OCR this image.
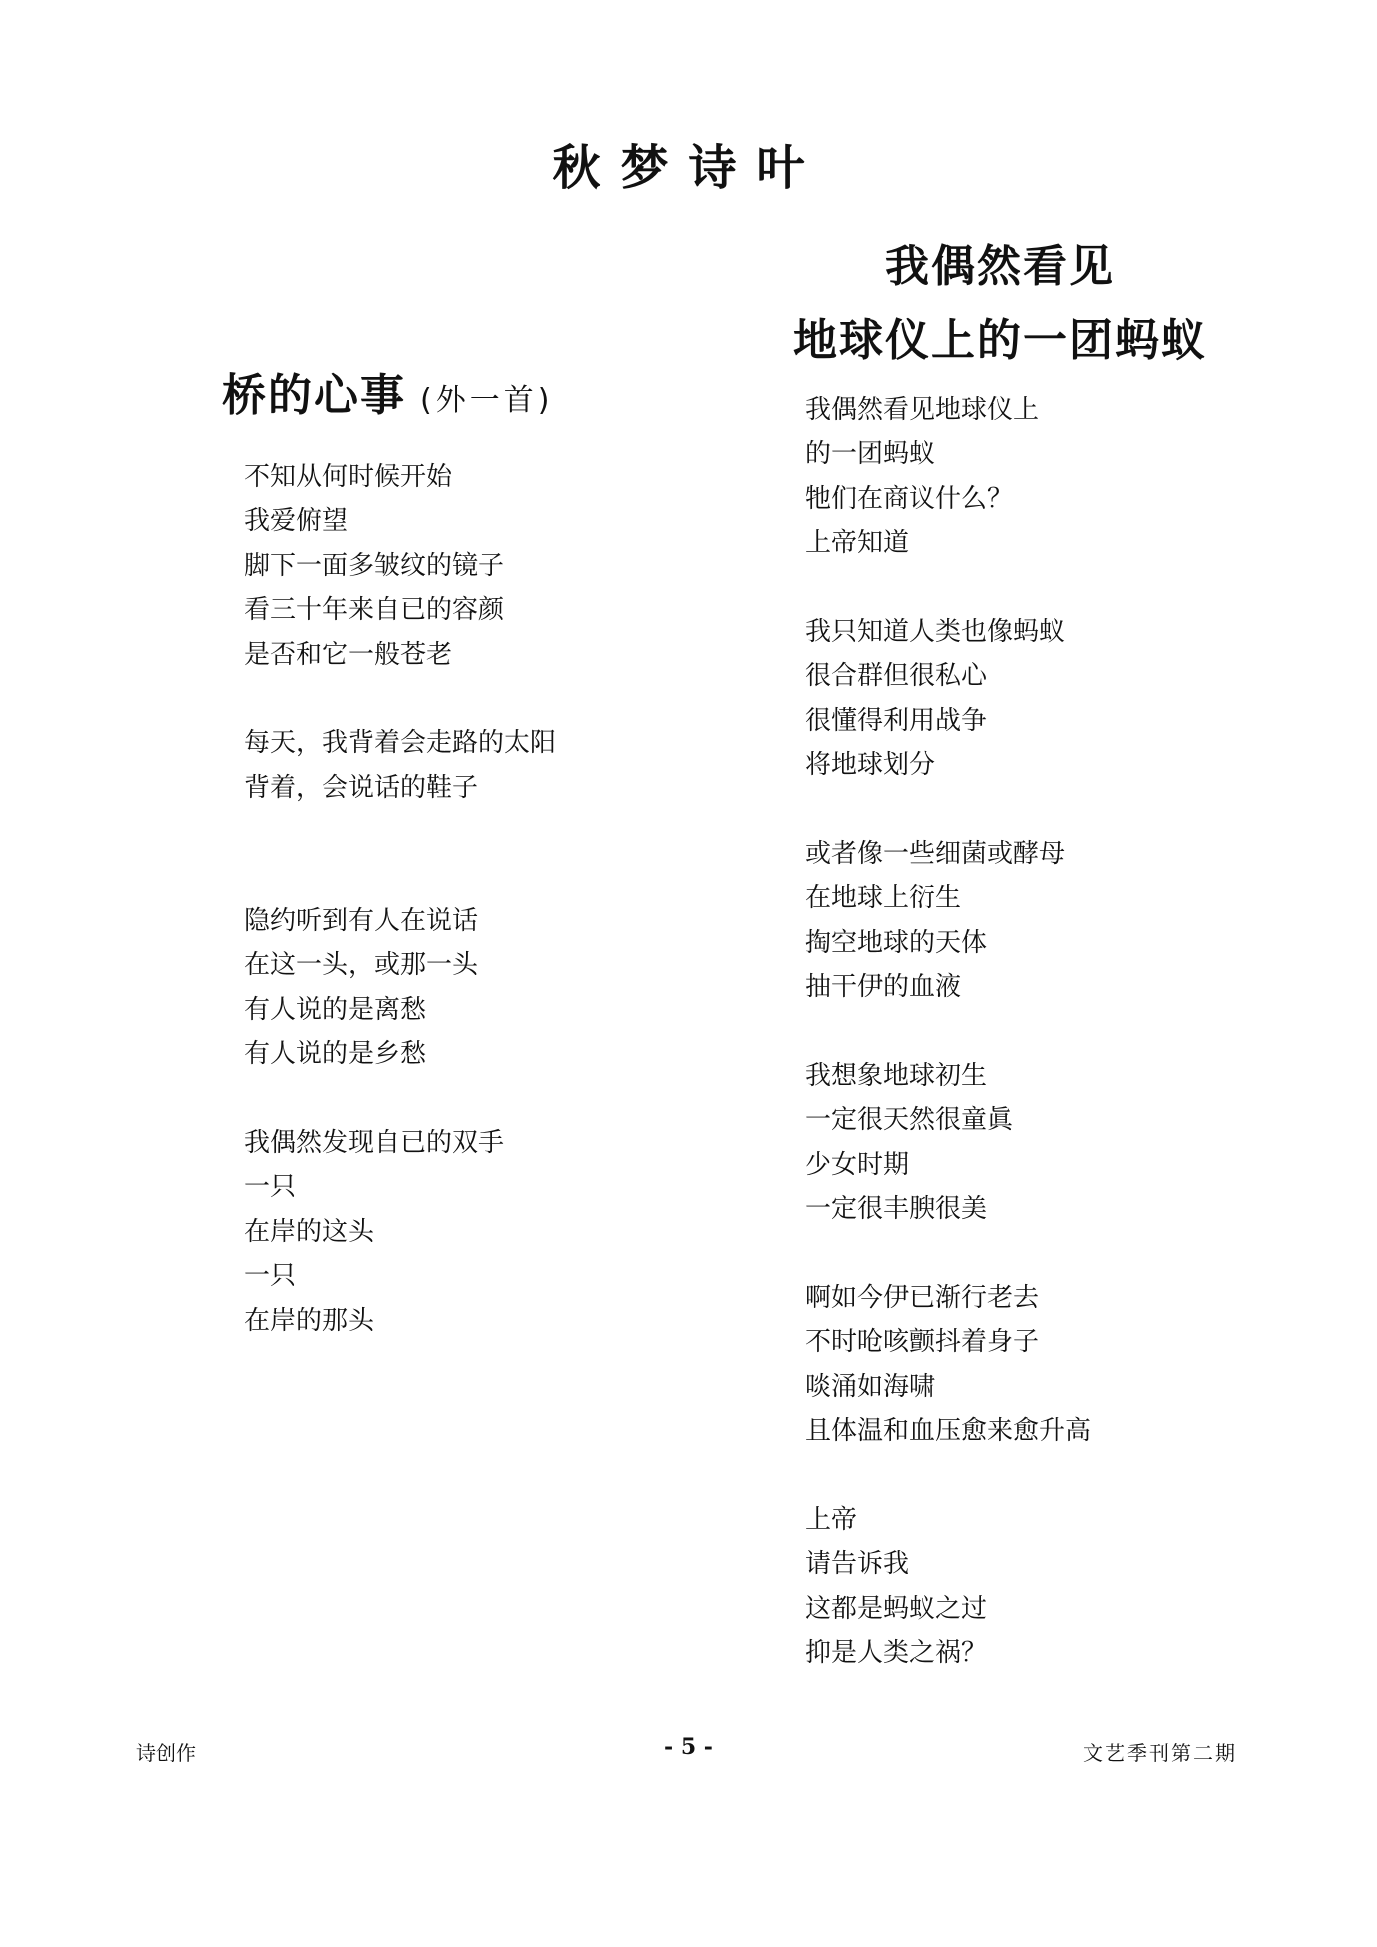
秋梦诗叶
我偶然看见
地球仪上的一团蚂蚁
桥的心事 (外一首)
不知从何时候开始
我爱俯望
脚下一面多皱纹的镜子
看三十年来自已的容颜
是否和它一般苍老
每天，我背着会走路的太阳
背着，会说话的鞋子
隐约听到有人在说话
在这一头，或那一头
有人说的是离愁
有人说的是乡愁
我偶然发现自已的双手
一只
在岸的这头
一只
在岸的那头
我偶然看见地球仪上
的一团蚂蚁
牠们在商议什么？
上帝知道
我只知道人类也像蚂蚁
很合群但很私心
很懂得利用战争
将地球划分
或者像一些细菌或酵母
在地球上衍生
掏空地球的天体
抽干伊的血液
我想象地球初生
一定很天然很童眞
少女时期
一定很丰腴很美
啊如今伊已渐行老去
不时呛咳颤抖着身子
啖涌如海啸
且体温和血压愈来愈升高
上帝
请告诉我
这都是蚂蚁之过
抑是人类之祸？
诗创作	- 5 -	文艺季刊第二期
